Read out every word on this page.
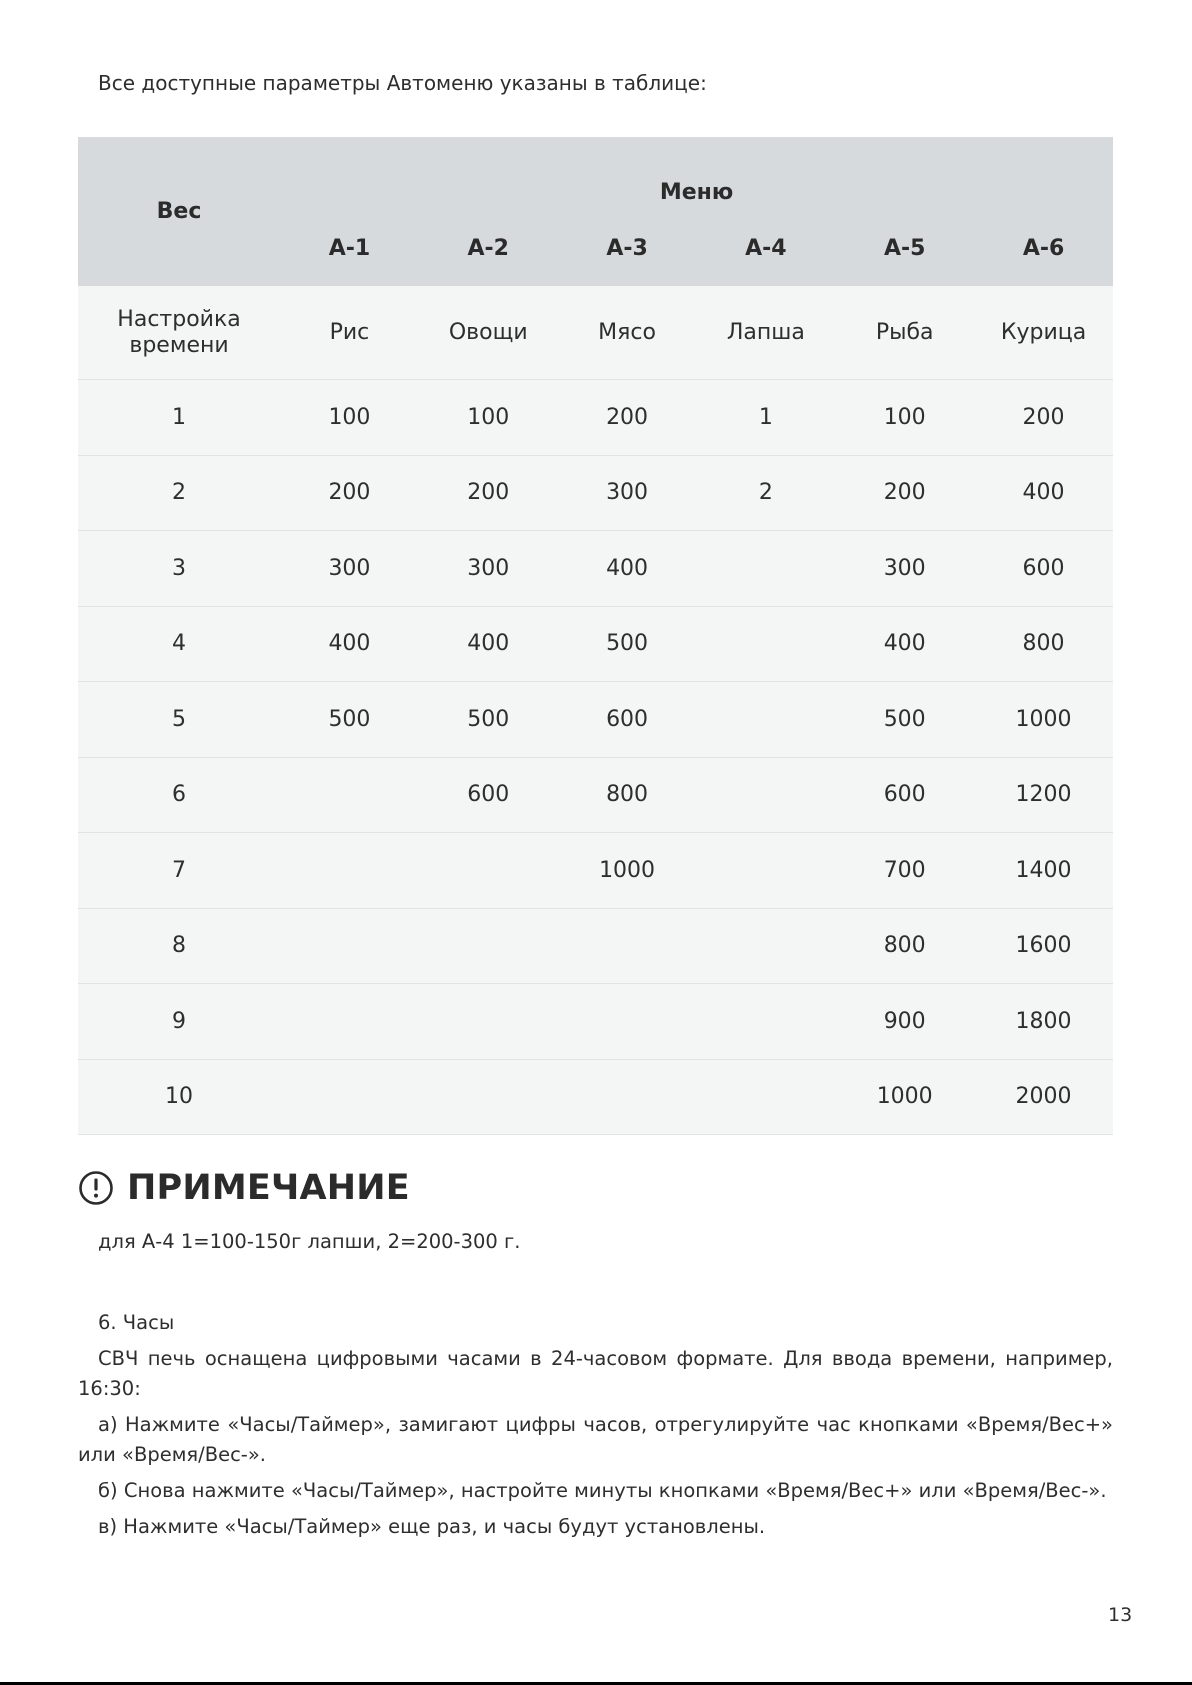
Все доступные параметры Автоменю указаны в таблице:
Вес	Меню					
	А-1	А-2	А-3	А-4	А-5	А-6
Настройка времени	Рис	Овощи	Мясо	Лапша	Рыба	Курица
1	100	100	200	1	100	200
2	200	200	300	2	200	400
3	300	300	400		300	600
4	400	400	500		400	800
5	500	500	600		500	1000
6		600	800		600	1200
7			1000		700	1400
8					800	1600
9					900	1800
10					1000	2000
ПРИМЕЧАНИЕ
для А-4 1=100-150г лапши, 2=200-300 г.
6. Часы
СВЧ печь оснащена цифровыми часами в 24-часовом формате. Для ввода времени, например, 16:30:
а) Нажмите «Часы/Таймер», замигают цифры часов, отрегулируйте час кнопками «Время/Вес+» или «Время/Вес-».
б) Снова нажмите «Часы/Таймер», настройте минуты кнопками «Время/Вес+» или «Время/Вес-».
в) Нажмите «Часы/Таймер» еще раз, и часы будут установлены.
13
